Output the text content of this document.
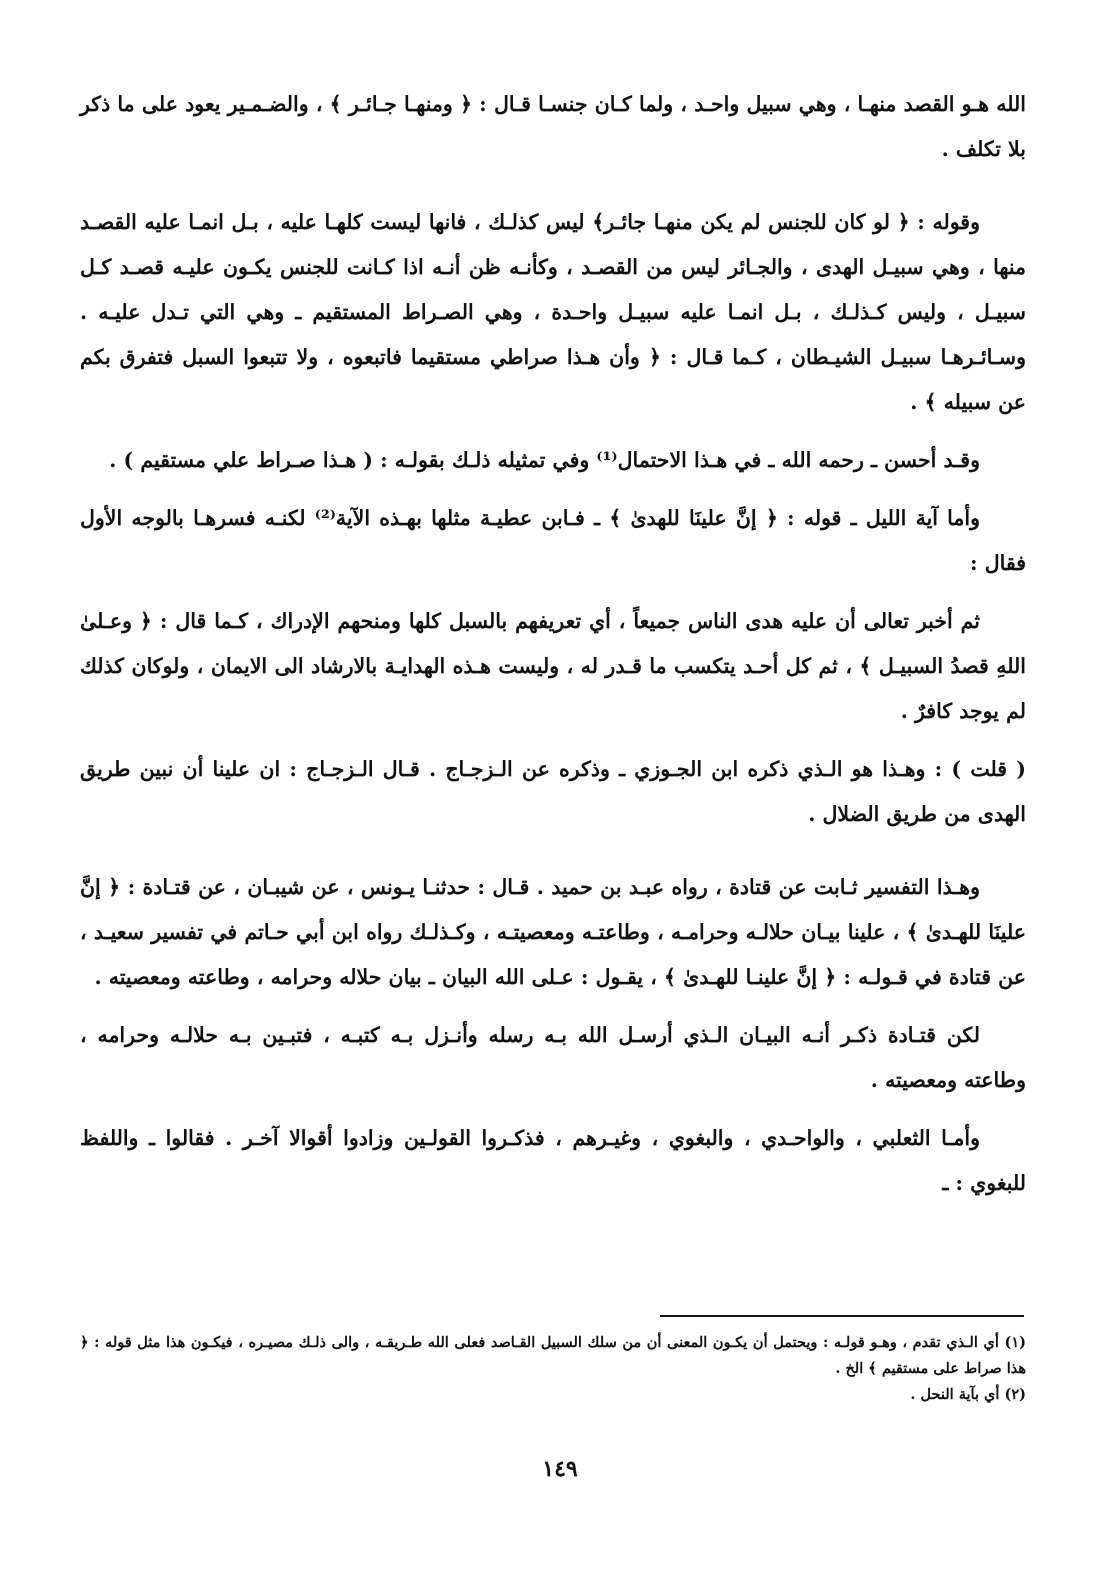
الله هـو القصد منهـا ، وهي سبيل واحـد ، ولما كـان جنسـا قـال : ﴿ ومنهـا جـائـر ﴾ ، والضـمـير يعود على ما ذكر بلا تكلف .

وقوله : ﴿ لو كان للجنس لم يكن منهـا جائـر﴾ ليس كذلـك ، فانها ليست كلهـا عليه ، بـل انمـا عليه القصـد منها ، وهي سبيـل الهدى ، والجـائر ليس من القصـد ، وكأنـه ظن أنـه اذا كـانت للجنس يكـون عليـه قصـد كـل سبيـل ، وليس كـذلـك ، بـل انمـا عليه سبيـل واحـدة ، وهي الصـراط المستقيم ـ وهي التي تـدل عليـه . وسـائـرهـا سبيـل الشيـطان ، كـما قـال : ﴿ وأن هـذا صراطي مستقيما فاتبعوه ، ولا تتبعوا السبل فتفرق بكم عن سبيله ﴾ .

وقـد أحسن ـ رحمه الله ـ في هـذا الاحتمال⁽¹⁾ وفي تمثيله ذلـك بقولـه : ( هـذا صـراط علي مستقيم ) .

وأما آية الليل ـ قوله : ﴿ إنَّ علينَا للهدىٰ ﴾ ـ فـابن عطيـة مثلها بهـذه الآية⁽²⁾ لكنـه فسرهـا بالوجه الأول فقال :

ثم أخبر تعالى أن عليه هدى الناس جميعاً ، أي تعريفهم بالسبل كلها ومنحهم الإدراك ، كـما قال : ﴿ وعـلىٰ اللهِ قصدُ السبيـل ﴾ ، ثم كل أحـد يتكسب ما قـدر له ، وليست هـذه الهدايـة بالارشاد الى الايمان ، ولوكان كذلك لم يوجد كافرٌ .

( قلت ) : وهـذا هو الـذي ذكره ابن الجـوزي ـ وذكره عن الـزجـاج . قـال الـزجـاج : ان علينا أن نبين طريق الهدى من طريق الضلال .

وهـذا التفسير ثـابت عن قتادة ، رواه عبـد بن حميد . قـال : حدثنـا يـونس ، عن شيبـان ، عن قتـادة : ﴿ إنَّ علينَا للهـدىٰ ﴾ ، علينا بيـان حلالـه وحرامـه ، وطاعتـه ومعصيتـه ، وكـذلـك رواه ابن أبي حـاتم في تفسير سعيـد ، عن قتادة في قـولـه : ﴿ إنَّ علينـا للهـدىٰ ﴾ ، يقـول : عـلى الله البيان ـ بيان حلاله وحرامه ، وطاعته ومعصيته .

لكن قتـادة ذكـر أنـه البيـان الـذي أرسـل الله بـه رسله وأنـزل بـه كتبـه ، فتبـين بـه حلالـه وحرامه ، وطاعته ومعصيته .

وأمـا الثعلبي ، والواحـدي ، والبغوي ، وغيـرهم ، فذكـروا القولـين وزادوا أقوالا آخـر . فقالوا ـ واللفظ للبغوي : ـ

(١) أي الـذي تقدم ، وهـو قولـه : ويحتمل أن يكـون المعنى أن من سلك السبيل القـاصد فعلى الله طـريقـه ، والى ذلـك مصيـره ، فيكـون هذا مثل قوله : ﴿ هذا صراط على مستقيم ﴾ الخ .

(٢) أي بآية النحل .

١٤٩
